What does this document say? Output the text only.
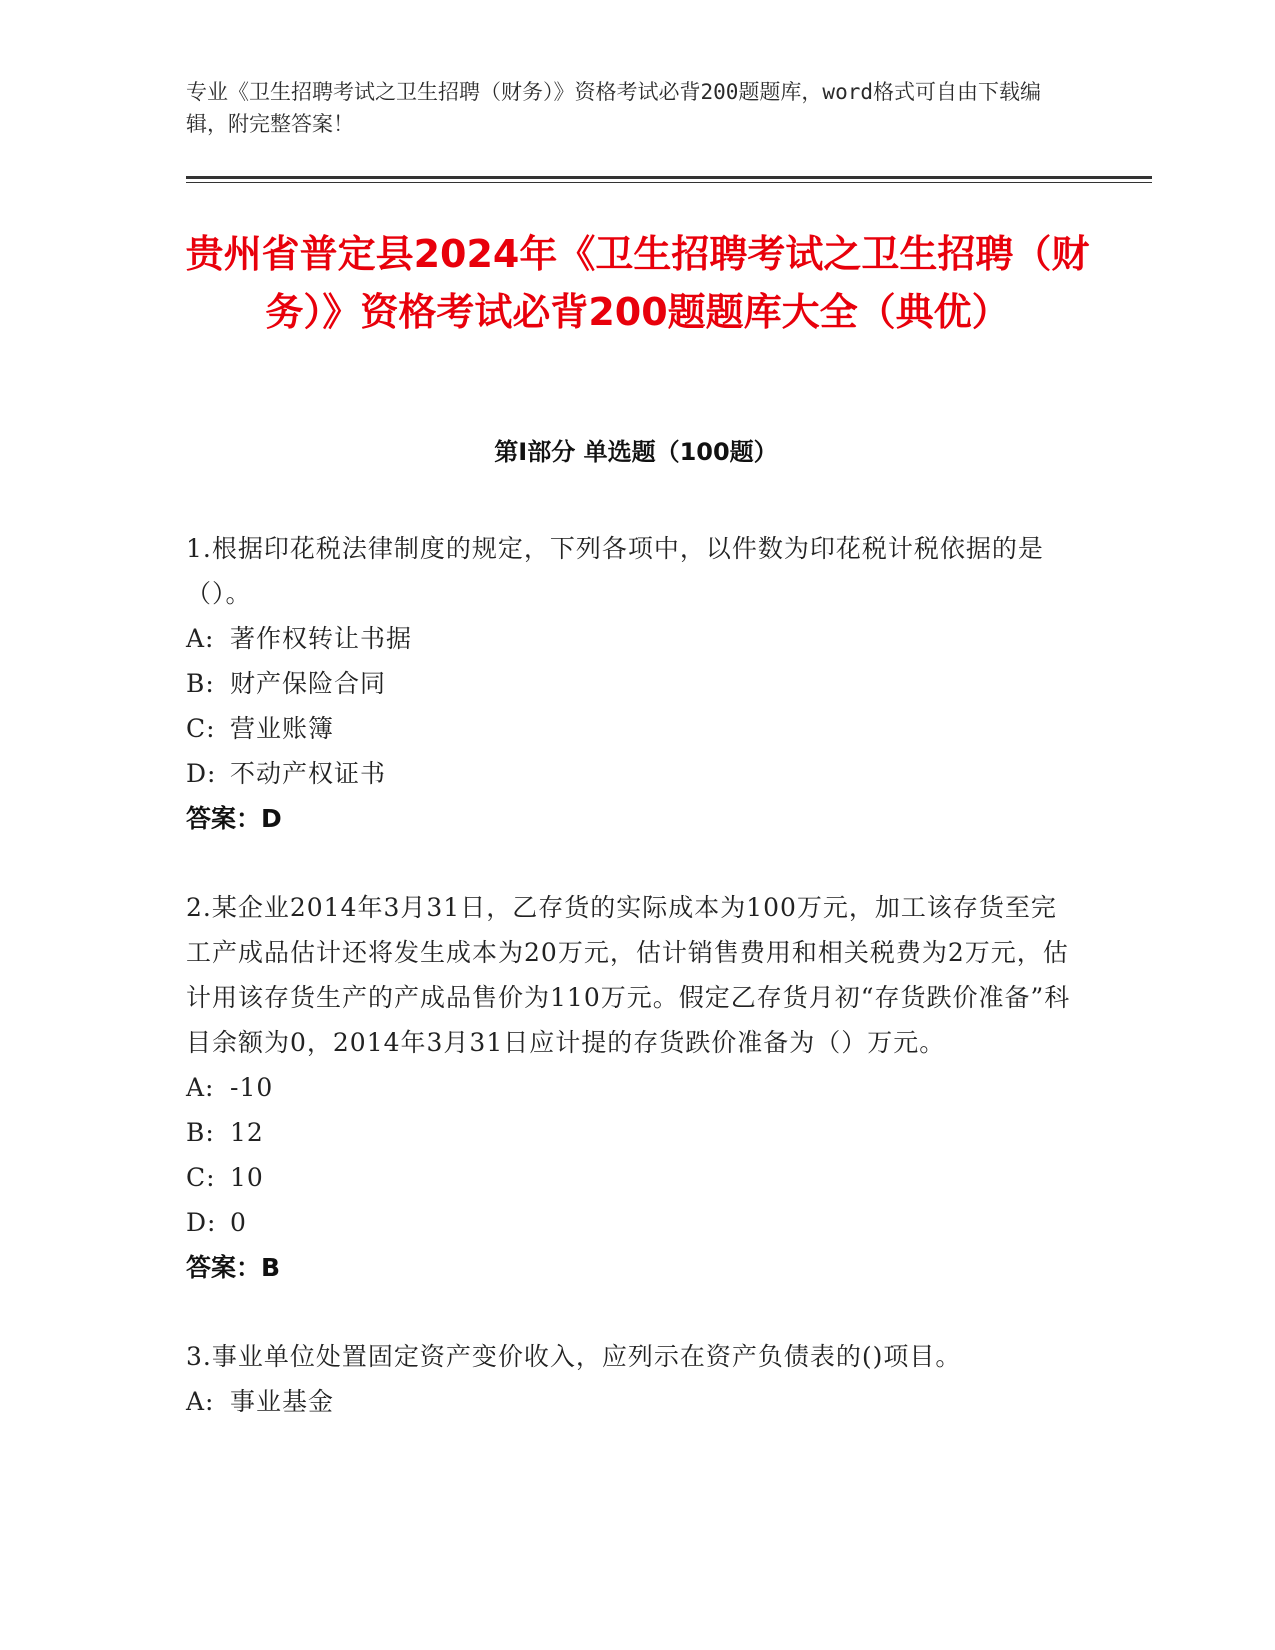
专业《卫生招聘考试之卫生招聘（财务）》资格考试必背200题题库，word格式可自由下载编辑，附完整答案！
贵州省普定县2024年《卫生招聘考试之卫生招聘（财务）》资格考试必背200题题库大全（典优）
第Ⅰ部分 单选题（100题）
1.根据印花税法律制度的规定，下列各项中，以件数为印花税计税依据的是（）。
A: 著作权转让书据
B: 财产保险合同
C: 营业账簿
D: 不动产权证书
答案：D
2.某企业2014年3月31日，乙存货的实际成本为100万元，加工该存货至完工产成品估计还将发生成本为20万元，估计销售费用和相关税费为2万元，估计用该存货生产的产成品售价为110万元。假定乙存货月初“存货跌价准备”科目余额为0，2014年3月31日应计提的存货跌价准备为（）万元。
A: -10
B: 12
C: 10
D: 0
答案：B
3.事业单位处置固定资产变价收入，应列示在资产负债表的()项目。
A: 事业基金
